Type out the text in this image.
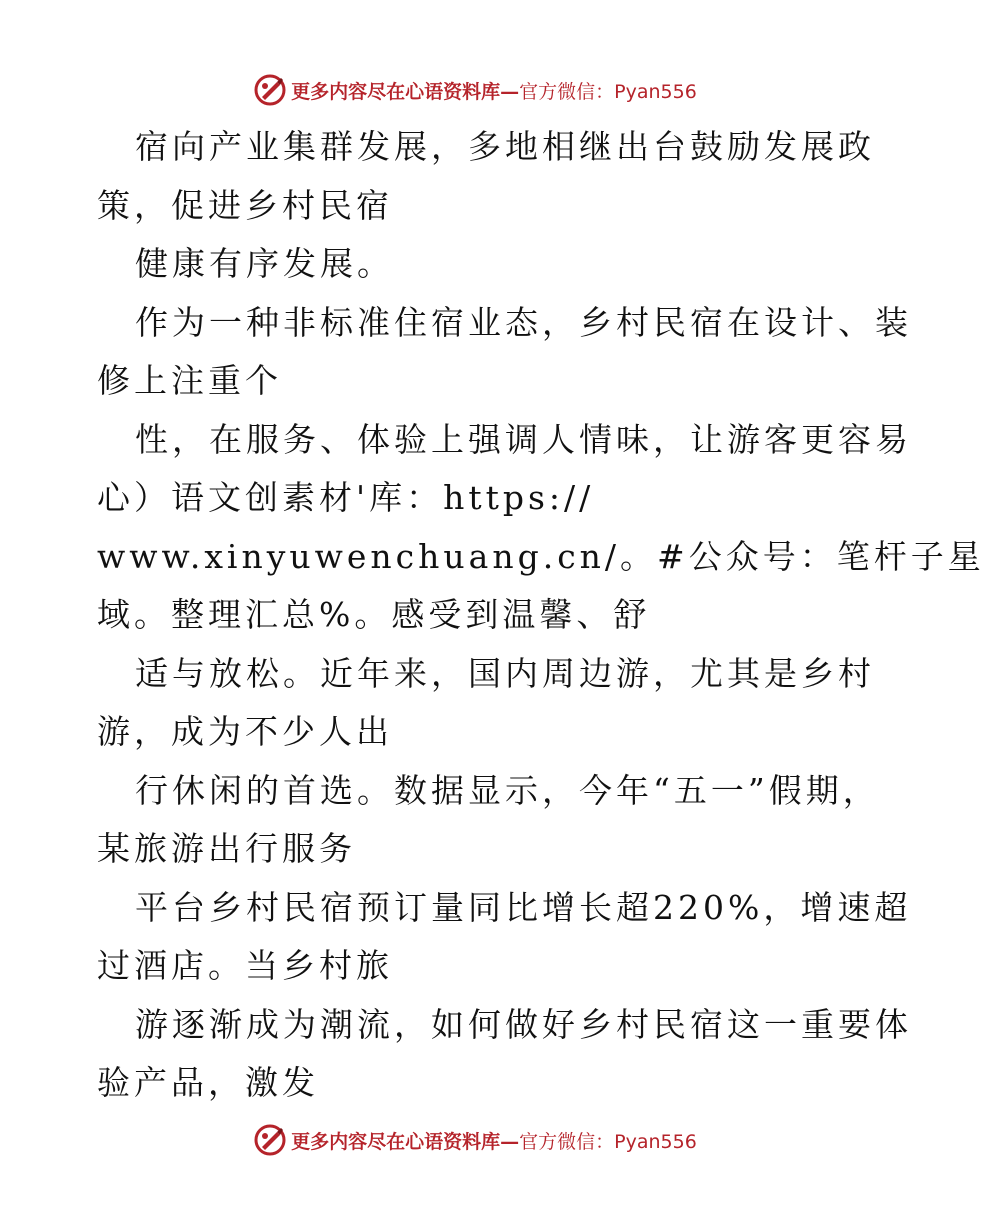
更多内容尽在心语资料库— 官方微信：Pyan556
宿向产业集群发展，多地相继出台鼓励发展政
策，促进乡村民宿
健康有序发展。
作为一种非标准住宿业态，乡村民宿在设计、装
修上注重个
性，在服务、体验上强调人情味，让游客更容易
心）语文创素材'库：https://
www.xinyuwenchuang.cn/。#公众号：笔杆子星
域。整理汇总%。感受到温馨、舒
适与放松。近年来，国内周边游，尤其是乡村
游，成为不少人出
行休闲的首选。数据显示，今年“五一”假期，
某旅游出行服务
平台乡村民宿预订量同比增长超220%，增速超
过酒店。当乡村旅
游逐渐成为潮流，如何做好乡村民宿这一重要体
验产品，激发
更多内容尽在心语资料库— 官方微信：Pyan556
